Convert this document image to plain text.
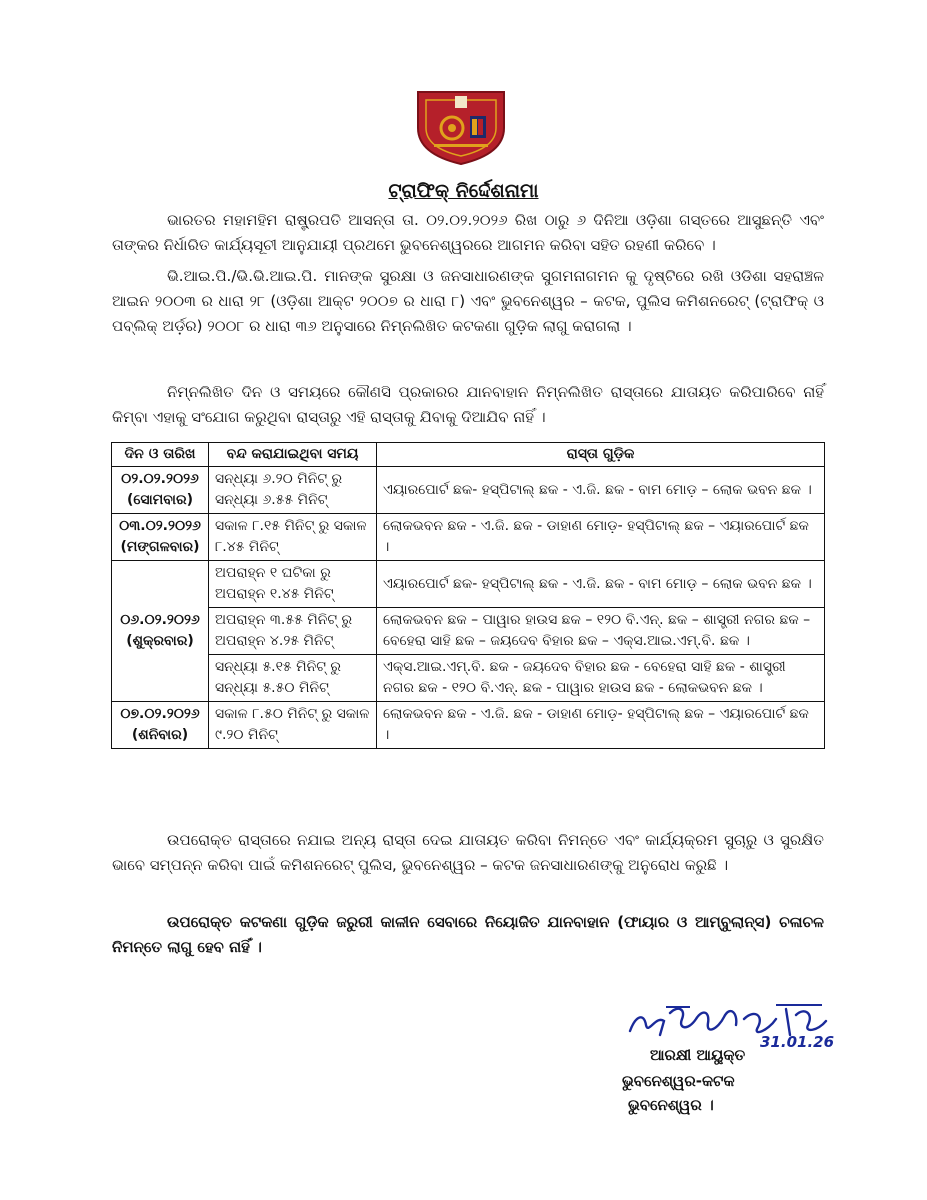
ଟ୍ରାଫିକ୍ ନିର୍ଦ୍ଦେଶନାମା
ଭାରତର ମହାମହିମ ରାଷ୍ଟ୍ରପତି ଆସନ୍ତା ତା. ୦୨.୦୨.୨୦୨୬ ରିଖ ଠାରୁ ୬ ଦିନିଆ ଓଡ଼ିଶା ଗସ୍ତରେ ଆସୁଛନ୍ତି ଏବଂ ତାଙ୍କର ନିର୍ଧାରିତ କାର୍ଯ୍ୟସୂଚୀ ଆନୁଯାୟୀ ପ୍ରଥମେ ଭୁବନେଶ୍ୱରରେ ଆଗମନ କରିବା ସହିତ ରହଣୀ କରିବେ ।
ଭି.ଆଇ.ପି./ଭି.ଭି.ଆଇ.ପି. ମାନଙ୍କ ସୁରକ୍ଷା ଓ ଜନସାଧାରଣଙ୍କ ସୁଗମନାଗମନ କୁ ଦୃଷ୍ଟିରେ ରଖି ଓଡିଶା ସହରାଞ୍ଚଳ ଆଇନ ୨୦୦୩ ର ଧାରା ୨୮ (ଓଡ଼ିଶା ଆକ୍ଟ ୨୦୦୭ ର ଧାରା ୮) ଏବଂ ଭୁବନେଶ୍ୱର – କଟକ, ପୁଲିସ କମିଶନରେଟ୍ (ଟ୍ରାଫିକ୍ ଓ ପବ୍ଲିକ୍ ଅର୍ଡ଼ର) ୨୦୦୮ ର ଧାରା ୩୬ ଅନୁସାରେ ନିମ୍ନଲିଖିତ କଟକଣା ଗୁଡ଼ିକ ଲାଗୁ କରାଗଲା ।
ନିମ୍ନଲିଖିତ ଦିନ ଓ ସମୟରେ କୌଣସି ପ୍ରକାରର ଯାନବାହାନ ନିମ୍ନଲିଖିତ ରାସ୍ତାରେ ଯାତାୟତ କରିପାରିବେ ନାହିଁ କିମ୍ବା ଏହାକୁ ସଂଯୋଗ କରୁଥିବା ରାସ୍ତାରୁ ଏହି ରାସ୍ତାକୁ ଯିବାକୁ ଦିଆଯିବ ନାହିଁ ।
ଦିନ ଓ ତାରିଖ	ବନ୍ଦ କରାଯାଇଥିବା ସମୟ	ରାସ୍ତା ଗୁଡ଼ିକ

୦୨.୦୨.୨୦୨୬
(ସୋମବାର)	ସନ୍ଧ୍ୟା ୬.୨୦ ମିନିଟ୍ ରୁ ସନ୍ଧ୍ୟା ୬.୫୫ ମିନିଟ୍	ଏୟାରପୋର୍ଟ ଛକ- ହସ୍ପିଟାଲ୍ ଛକ - ଏ.ଜି. ଛକ - ବାମ ମୋଡ଼ – ଲୋକ ଭବନ ଛକ ।

୦୩.୦୨.୨୦୨୬
(ମଙ୍ଗଳବାର)	ସକାଳ ୮.୧୫ ମିନିଟ୍ ରୁ ସକାଳ ୮.୪୫ ମିନିଟ୍	ଲୋକଭବନ ଛକ - ଏ.ଜି. ଛକ - ଡାହାଣ ମୋଡ଼- ହସ୍ପିଟାଲ୍ ଛକ – ଏୟାରପୋର୍ଟ ଛକ ।

୦୬.୦୨.୨୦୨୬
(ଶୁକ୍ରବାର)	ଅପରାହ୍ନ ୧ ଘଟିକା ରୁ ଅପରାହ୍ନ ୧.୪୫ ମିନିଟ୍	ଏୟାରପୋର୍ଟ ଛକ- ହସ୍ପିଟାଲ୍ ଛକ - ଏ.ଜି. ଛକ - ବାମ ମୋଡ଼ – ଲୋକ ଭବନ ଛକ ।
	ଅପରାହ୍ନ ୩.୫୫ ମିନିଟ୍ ରୁ ଅପରାହ୍ନ ୪.୨୫ ମିନିଟ୍	ଲୋକଭବନ ଛକ – ପାୱାର ହାଉସ ଛକ – ୧୨୦ ବି.ଏନ୍. ଛକ – ଶାସ୍ତ୍ରୀ ନଗର ଛକ – ବେହେରା ସାହି ଛକ – ଜୟଦେବ ବିହାର ଛକ – ଏକ୍ସ.ଆଇ.ଏମ୍.ବି. ଛକ ।
	ସନ୍ଧ୍ୟା ୫.୧୫ ମିନିଟ୍ ରୁ ସନ୍ଧ୍ୟା ୫.୫୦ ମିନିଟ୍	ଏକ୍ସ.ଆଇ.ଏମ୍.ବି. ଛକ - ଜୟଦେବ ବିହାର ଛକ - ବେହେରା ସାହି ଛକ - ଶାସ୍ତ୍ରୀ ନଗର ଛକ - ୧୨୦ ବି.ଏନ୍. ଛକ - ପାୱାର ହାଉସ ଛକ - ଲୋକଭବନ ଛକ ।

୦୭.୦୨.୨୦୨୬
(ଶନିବାର)	ସକାଳ ୮.୫୦ ମିନିଟ୍ ରୁ ସକାଳ ୯.୨୦ ମିନିଟ୍	ଲୋକଭବନ ଛକ - ଏ.ଜି. ଛକ - ଡାହାଣ ମୋଡ଼- ହସ୍ପିଟାଲ୍ ଛକ – ଏୟାରପୋର୍ଟ ଛକ ।
ଉପରୋକ୍ତ ରାସ୍ତାରେ ନଯାଇ ଅନ୍ୟ ରାସ୍ତା ଦେଇ ଯାତାୟତ କରିବା ନିମନ୍ତେ ଏବଂ କାର୍ଯ୍ୟକ୍ରମ ସୁଚାରୁ ଓ ସୁରକ୍ଷିତ ଭାବେ ସମ୍ପନ୍ନ କରିବା ପାଇଁ କମିଶନରେଟ୍ ପୁଲିସ, ଭୁବନେଶ୍ୱର – କଟକ ଜନସାଧାରଣଙ୍କୁ ଅନୁରୋଧ କରୁଛି ।
ଉପରୋକ୍ତ କଟକଣା ଗୁଡ଼ିକ ଜରୁରୀ କାଳୀନ ସେବାରେ ନିୟୋଜିତ ଯାନବାହାନ (ଫାୟାର ଓ ଆମ୍ବୁଲାନ୍ସ) ଚଳାଚଳ ନିମନ୍ତେ ଲାଗୁ ହେବ ନାହିଁ ।
31.01.26
ଆରକ୍ଷୀ ଆୟୁକ୍ତ
ଭୁବନେଶ୍ୱର-କଟକ
ଭୁବନେଶ୍ୱର ।
